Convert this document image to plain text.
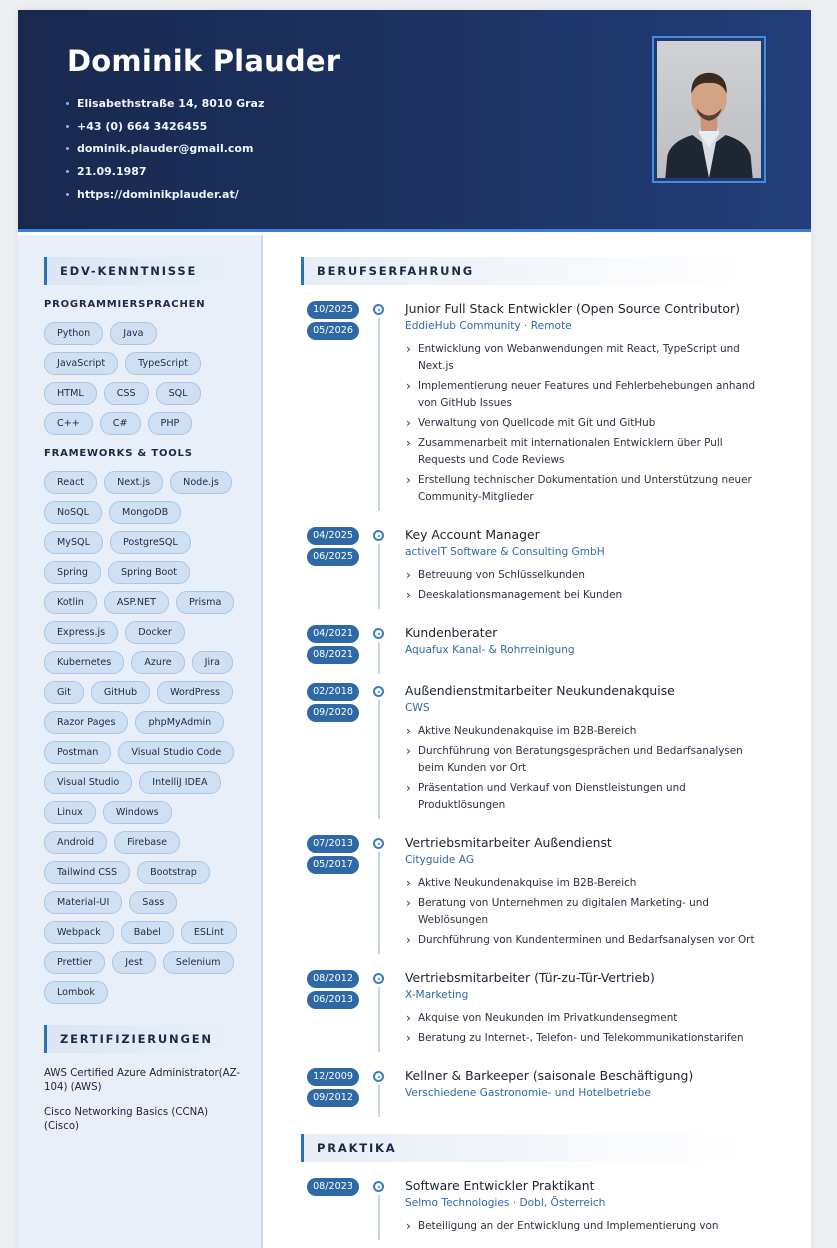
Dominik Plauder
Elisabethstraße 14, 8010 Graz
+43 (0) 664 3426455
dominik.plauder@gmail.com
21.09.1987
https://dominikplauder.at/
EDV-KENNTNISSE
PROGRAMMIERSPRACHEN
Python	Java
JavaScript	TypeScript
HTML	CSS	SQL
C++	C#	PHP
FRAMEWORKS & TOOLS
React	Next.js	Node.js
NoSQL	MongoDB
MySQL	PostgreSQL
Spring	Spring Boot
Kotlin	ASP.NET	Prisma
Express.js	Docker
Kubernetes	Azure	Jira
Git	GitHub	WordPress
Razor Pages	phpMyAdmin
Postman	Visual Studio Code
Visual Studio	IntelliJ IDEA
Linux	Windows
Android	Firebase
Tailwind CSS	Bootstrap
Material-UI	Sass
Webpack	Babel	ESLint
Prettier	Jest	Selenium
Lombok
ZERTIFIZIERUNGEN
AWS Certified Azure Administrator(AZ-104) (AWS)
Cisco Networking Basics (CCNA) (Cisco)
BERUFSERFAHRUNG
10/2025
05/2026
Junior Full Stack Entwickler (Open Source Contributor)
EddieHub Community · Remote
› Entwicklung von Webanwendungen mit React, TypeScript und Next.js
› Implementierung neuer Features und Fehlerbehebungen anhand von GitHub Issues
› Verwaltung von Quellcode mit Git und GitHub
› Zusammenarbeit mit internationalen Entwicklern über Pull Requests und Code Reviews
› Erstellung technischer Dokumentation und Unterstützung neuer Community-Mitglieder
04/2025
06/2025
Key Account Manager
activeIT Software & Consulting GmbH
› Betreuung von Schlüsselkunden
› Deeskalationsmanagement bei Kunden
04/2021
08/2021
Kundenberater
Aquafux Kanal- & Rohrreinigung
02/2018
09/2020
Außendienstmitarbeiter Neukundenakquise
CWS
› Aktive Neukundenakquise im B2B-Bereich
› Durchführung von Beratungsgesprächen und Bedarfsanalysen beim Kunden vor Ort
› Präsentation und Verkauf von Dienstleistungen und Produktlösungen
07/2013
05/2017
Vertriebsmitarbeiter Außendienst
Cityguide AG
› Aktive Neukundenakquise im B2B-Bereich
› Beratung von Unternehmen zu digitalen Marketing- und Weblösungen
› Durchführung von Kundenterminen und Bedarfsanalysen vor Ort
08/2012
06/2013
Vertriebsmitarbeiter (Tür-zu-Tür-Vertrieb)
X-Marketing
› Akquise von Neukunden im Privatkundensegment
› Beratung zu Internet-, Telefon- und Telekommunikationstarifen
12/2009
09/2012
Kellner & Barkeeper (saisonale Beschäftigung)
Verschiedene Gastronomie- und Hotelbetriebe
PRAKTIKA
08/2023	Software Entwickler Praktikant
Selmo Technologies · Dobl, Österreich
› Beteiligung an der Entwicklung und Implementierung von
